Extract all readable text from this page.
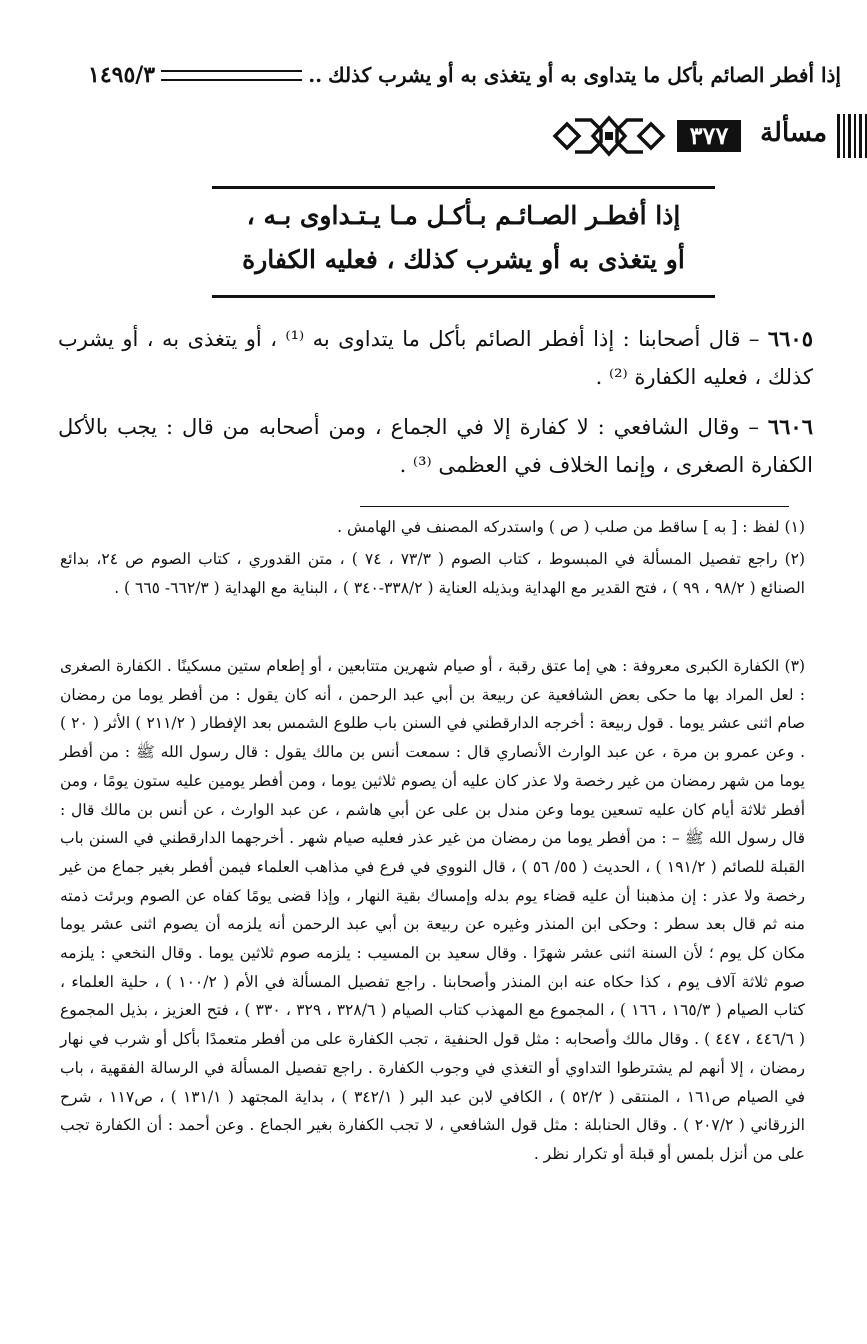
إذا أفطر الصائم بأكل ما يتداوى به أو يتغذى به أو يشرب كذلك
..
١٤٩٥/٣
مسألة
٣٧٧
إذا أفطـر الصـائـم بـأكـل مـا يـتـداوى بـه ،
أو يتغذى به أو يشرب كذلك ، فعليه الكفارة
٦٦٠٥ – قال أصحابنا : إذا أفطر الصائم بأكل ما يتداوى به ⁽¹⁾ ، أو يتغذى به ، أو يشرب كذلك ، فعليه الكفارة ⁽²⁾ .
٦٦٠٦ – وقال الشافعي : لا كفارة إلا في الجماع ، ومن أصحابه من قال : يجب بالأكل الكفارة الصغرى ، وإنما الخلاف في العظمى ⁽³⁾ .
(١) لفظ : [ به ] ساقط من صلب ( ص ) واستدركه المصنف في الهامش .
(٢) راجع تفصيل المسألة في المبسوط ، كتاب الصوم ( ٧٣/٣ ، ٧٤ ) ، متن القدوري ، كتاب الصوم ص ٢٤، بدائع الصنائع ( ٩٨/٢ ، ٩٩ ) ، فتح القدير مع الهداية وبذيله العناية ( ٣٣٨/٢-٣٤٠ ) ، البناية مع الهداية ( ٦٦٢/٣- ٦٦٥ ) .
(٣) الكفارة الكبرى معروفة : هي إما عتق رقبة ، أو صيام شهرين متتابعين ، أو إطعام ستين مسكينًا . الكفارة الصغرى : لعل المراد بها ما حكى بعض الشافعية عن ربيعة بن أبي عبد الرحمن ، أنه كان يقول : من أفطر يوما من رمضان صام اثنى عشر يوما . قول ربيعة : أخرجه الدارقطني في السنن باب طلوع الشمس بعد الإفطار ( ٢١١/٢ ) الأثر ( ٢٠ ) . وعن عمرو بن مرة ، عن عبد الوارث الأنصاري قال : سمعت أنس بن مالك يقول : قال رسول الله ﷺ : من أفطر يوما من شهر رمضان من غير رخصة ولا عذر كان عليه أن يصوم ثلاثين يوما ، ومن أفطر يومين عليه ستون يومًا ، ومن أفطر ثلاثة أيام كان عليه تسعين يوما وعن مندل بن على عن أبي هاشم ، عن عبد الوارث ، عن أنس بن مالك قال : قال رسول الله ﷺ – : من أفطر يوما من رمضان من غير عذر فعليه صيام شهر . أخرجهما الدارقطني في السنن باب القبلة للصائم ( ١٩١/٢ ) ، الحديث ( ٥٥/ ٥٦ ) ، قال النووي في فرع في مذاهب العلماء فيمن أفطر بغير جماع من غير رخصة ولا عذر : إن مذهبنا أن عليه قضاء يوم بدله وإمساك بقية النهار ، وإذا قضى يومًا كفاه عن الصوم وبرئت ذمته منه ثم قال بعد سطر : وحكى ابن المنذر وغيره عن ربيعة بن أبي عبد الرحمن أنه يلزمه أن يصوم اثنى عشر يوما مكان كل يوم ؛ لأن السنة اثنى عشر شهرًا . وقال سعيد بن المسيب : يلزمه صوم ثلاثين يوما . وقال النخعي : يلزمه صوم ثلاثة آلاف يوم ، كذا حكاه عنه ابن المنذر وأصحابنا . راجع تفصيل المسألة في الأم ( ١٠٠/٢ ) ، حلية العلماء ، كتاب الصيام ( ١٦٥/٣ ، ١٦٦ ) ، المجموع مع المهذب كتاب الصيام ( ٣٢٨/٦ ، ٣٢٩ ، ٣٣٠ ) ، فتح العزيز ، بذيل المجموع ( ٤٤٦/٦ ، ٤٤٧ ) . وقال مالك وأصحابه : مثل قول الحنفية ، تجب الكفارة على من أفطر متعمدًا بأكل أو شرب في نهار رمضان ، إلا أنهم لم يشترطوا التداوي أو التغذي في وجوب الكفارة . راجع تفصيل المسألة في الرسالة الفقهية ، باب في الصيام ص١٦١ ، المنتقى ( ٥٢/٢ ) ، الكافي لابن عبد البر ( ٣٤٢/١ ) ، بداية المجتهد ( ١٣١/١ ) ، ص١١٧ ، شرح الزرقاني ( ٢٠٧/٢ ) . وقال الحنابلة : مثل قول الشافعي ، لا تجب الكفارة بغير الجماع . وعن أحمد : أن الكفارة تجب على من أنزل بلمس أو قبلة أو تكرار نظر .
